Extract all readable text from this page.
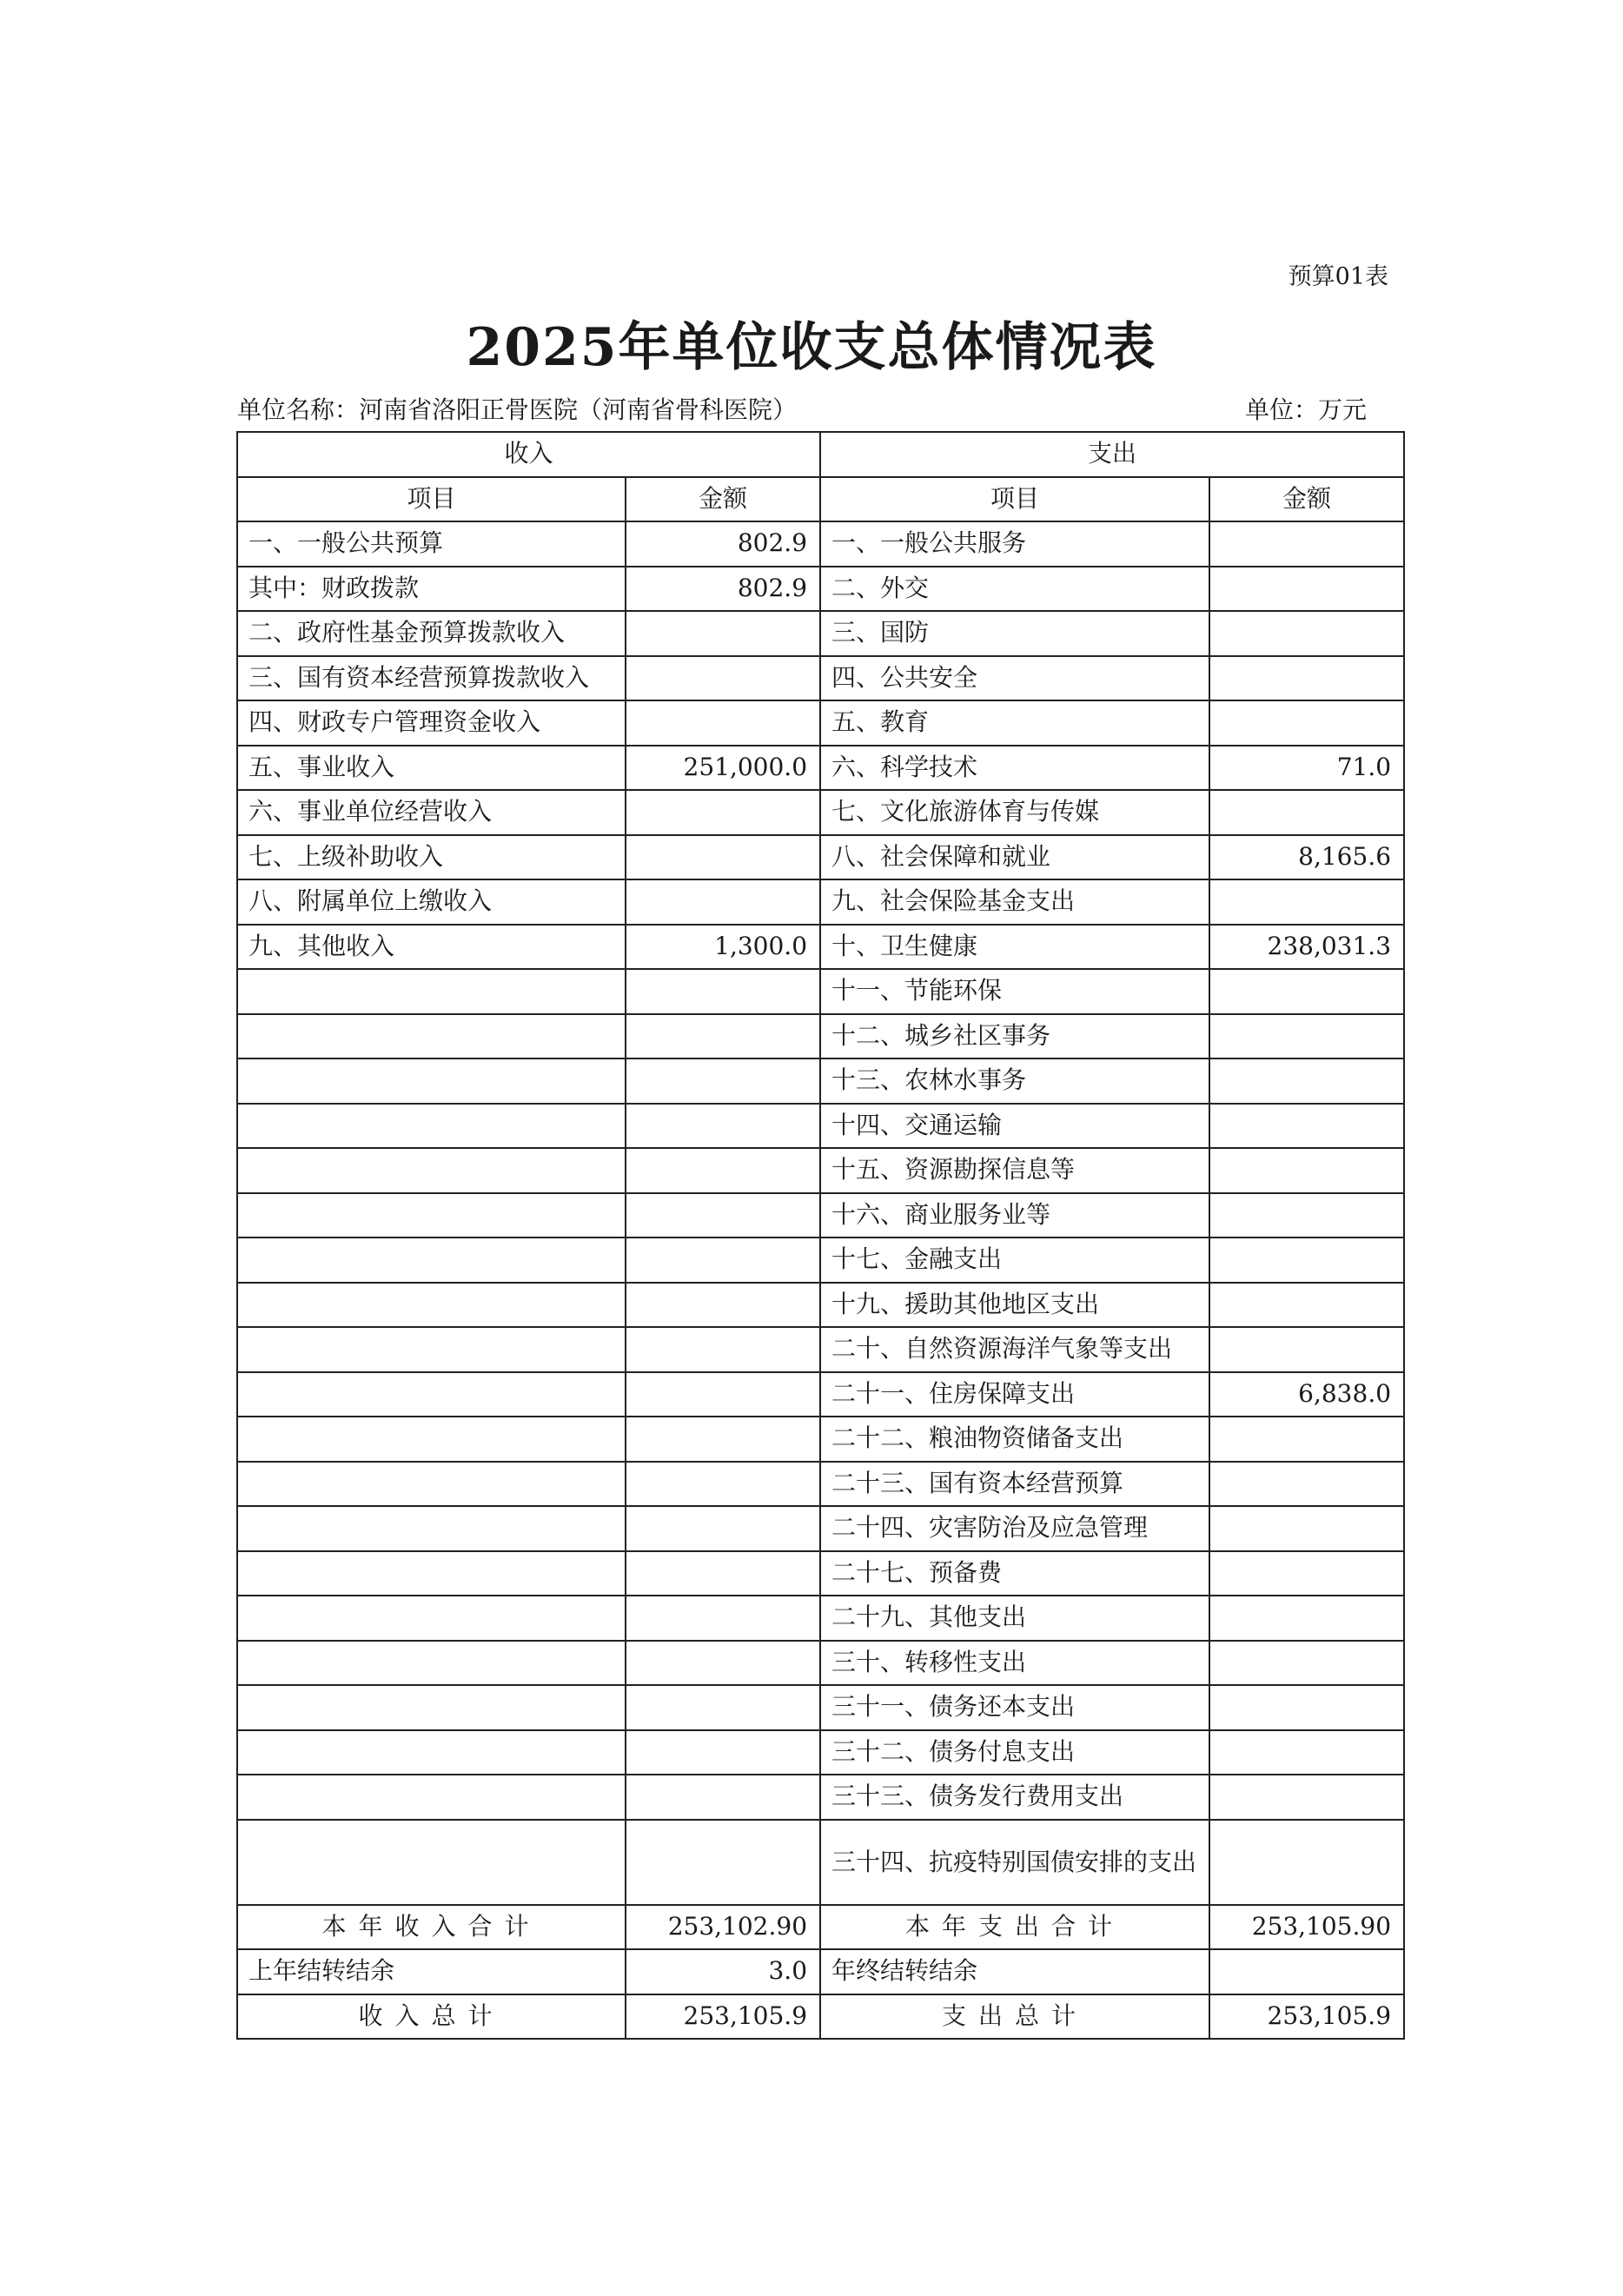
预算01表
2025年单位收支总体情况表
单位名称：河南省洛阳正骨医院（河南省骨科医院）	单位：万元
收入		支出	
项目	金额	项目	金额
一、一般公共预算	802.9	一、一般公共服务	
其中：财政拨款	802.9	二、外交	
二、政府性基金预算拨款收入		三、国防	
三、国有资本经营预算拨款收入		四、公共安全	
四、财政专户管理资金收入		五、教育	
五、事业收入	251,000.0	六、科学技术	71.0
六、事业单位经营收入		七、文化旅游体育与传媒	
七、上级补助收入		八、社会保障和就业	8,165.6
八、附属单位上缴收入		九、社会保险基金支出	
九、其他收入	1,300.0	十、卫生健康	238,031.3
		十一、节能环保	
		十二、城乡社区事务	
		十三、农林水事务	
		十四、交通运输	
		十五、资源勘探信息等	
		十六、商业服务业等	
		十七、金融支出	
		十九、援助其他地区支出	
		二十、自然资源海洋气象等支出	
		二十一、住房保障支出	6,838.0
		二十二、粮油物资储备支出	
		二十三、国有资本经营预算	
		二十四、灾害防治及应急管理	
		二十七、预备费	
		二十九、其他支出	
		三十、转移性支出	
		三十一、债务还本支出	
		三十二、债务付息支出	
		三十三、债务发行费用支出	
		三十四、抗疫特别国债安排的支出	
本年收入合计	253,102.90	本年支出合计	253,105.90
上年结转结余	3.0	年终结转结余	
收入总计	253,105.9	支出总计	253,105.9
